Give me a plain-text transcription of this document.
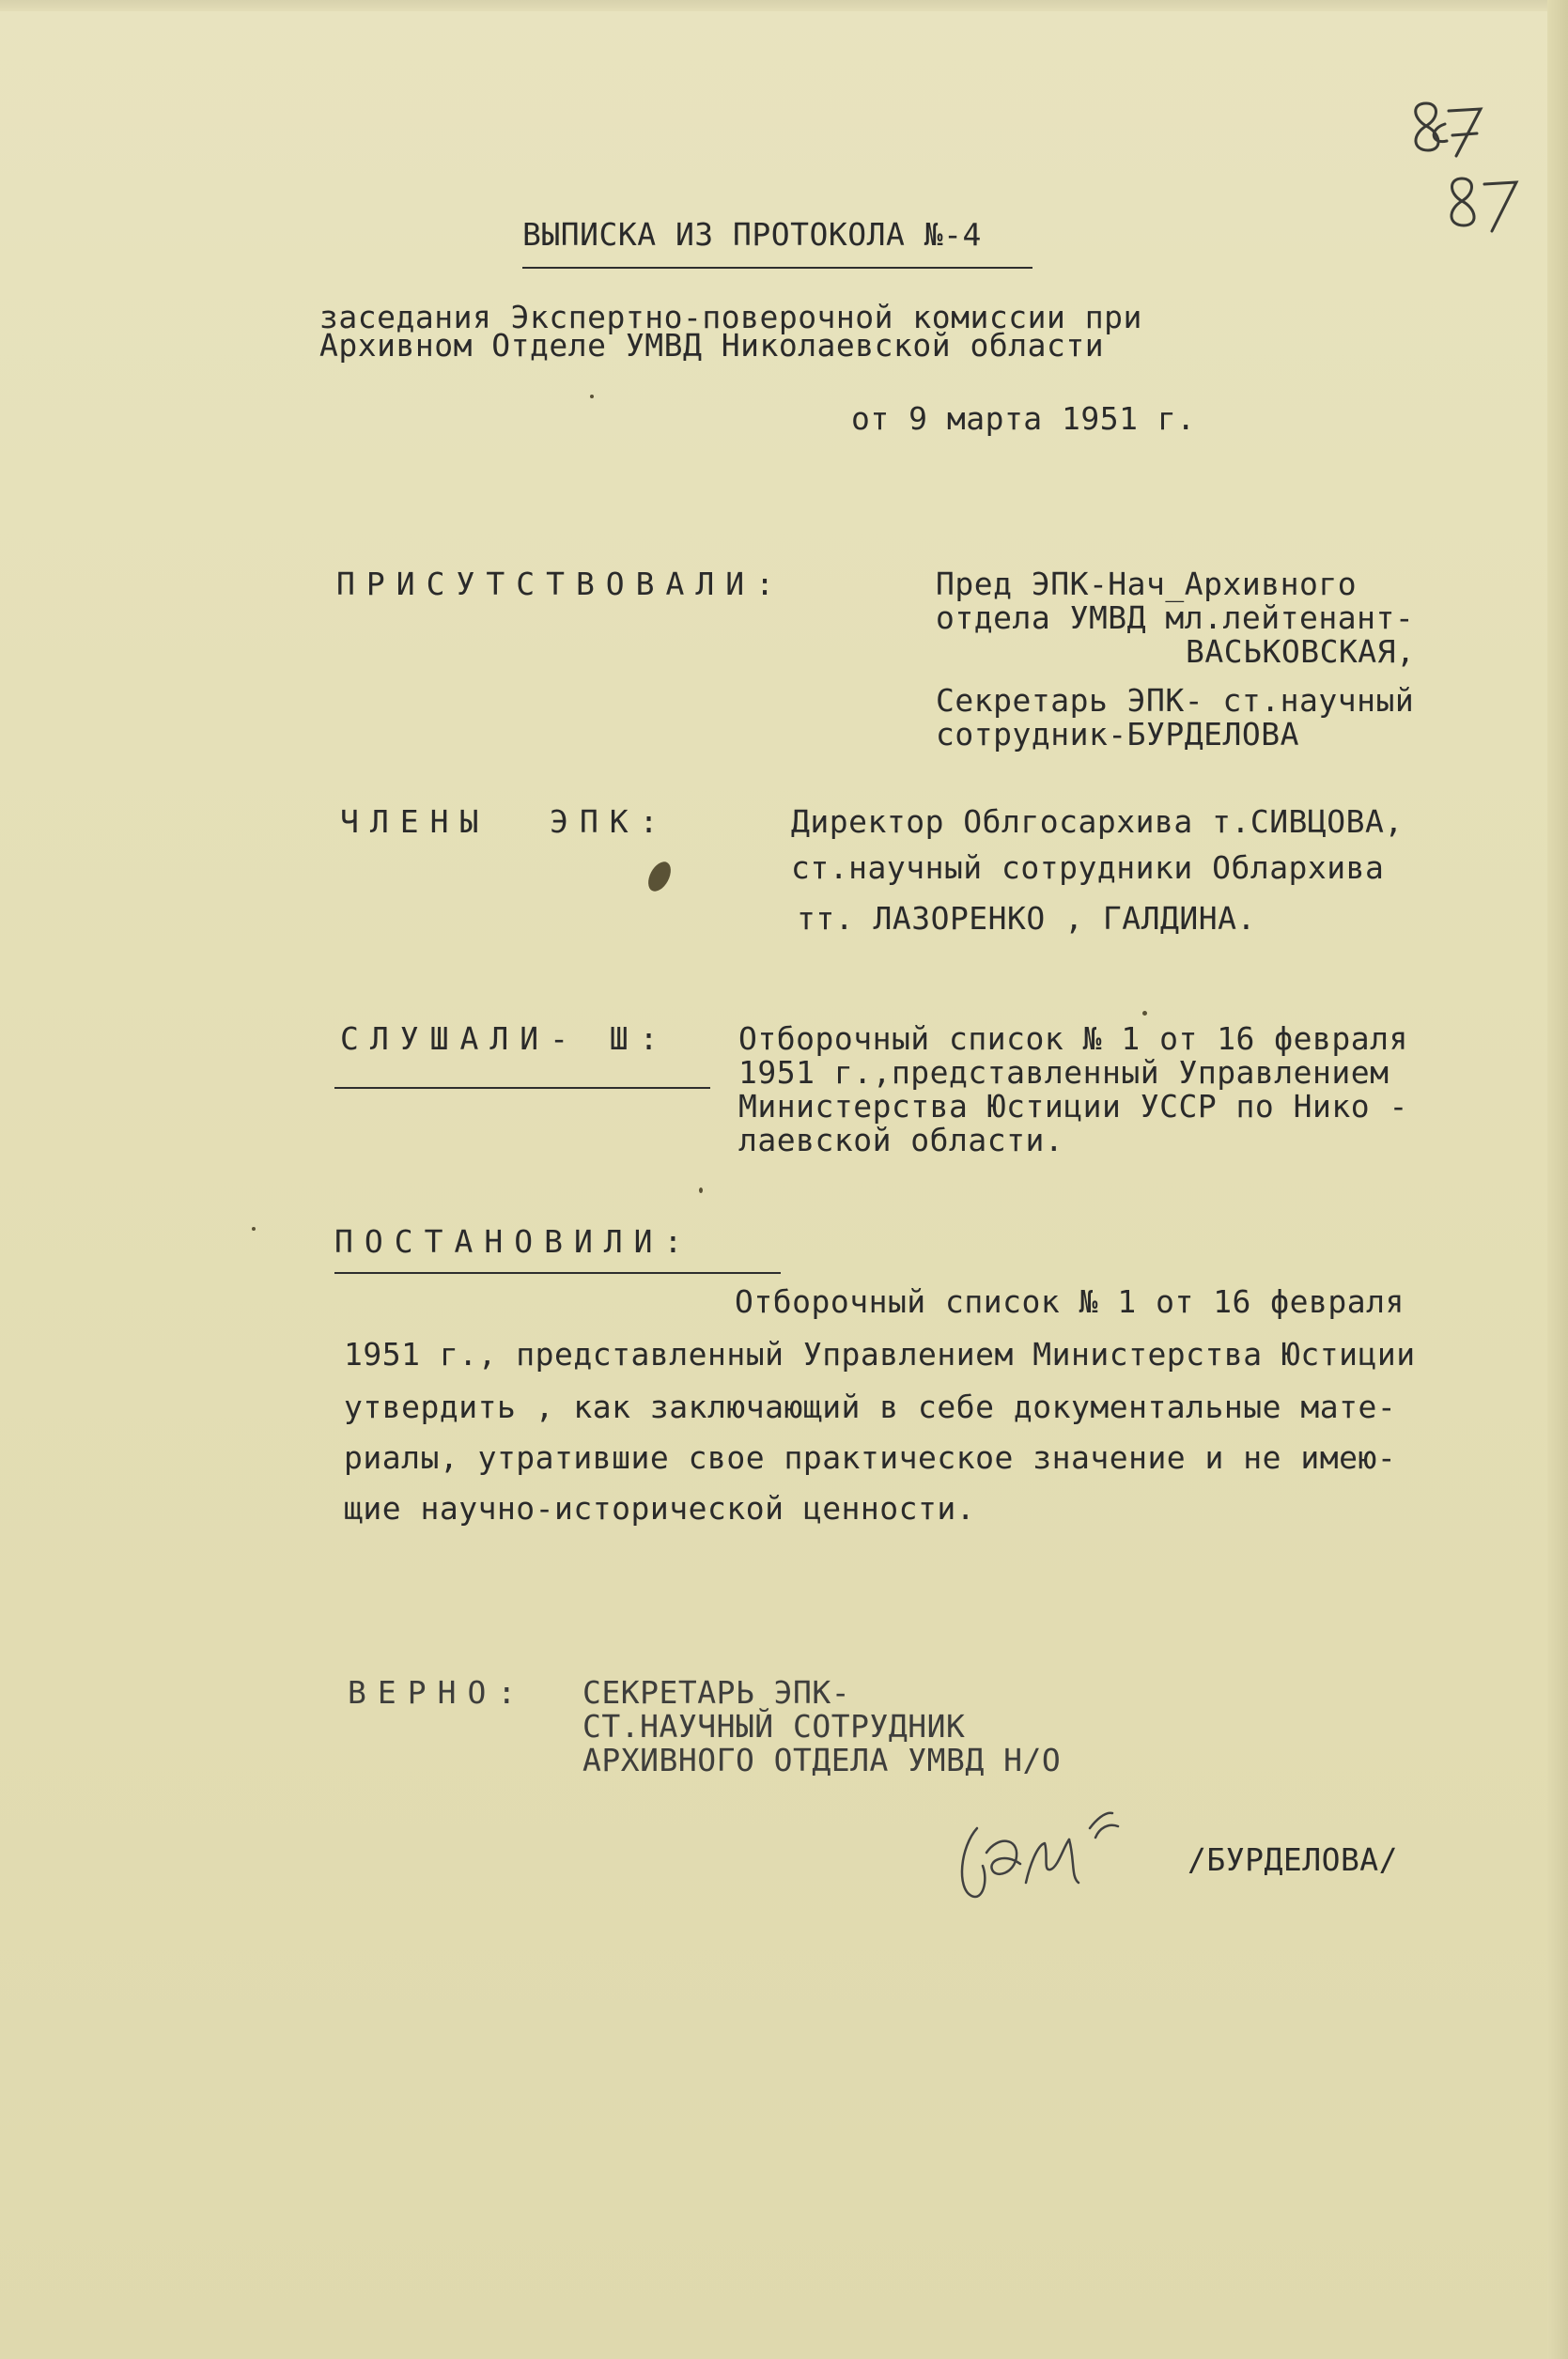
ВЫПИСКА ИЗ ПРОТОКОЛА №-4

заседания Экспертно-поверочной комиссии при

Архивном Отделе УМВД Николаевской области

от 9 марта 1951 г.

ПРИСУТСТВОВАЛИ:	Пред ЭПК-Нач_Архивного

отдела УМВД мл.лейтенант-

ВАСЬКОВСКАЯ,

Секретарь ЭПК- ст.научный

сотрудник-БУРДЕЛОВА

ЧЛЕНЫ  ЭПК:	Директор Облгосархива т.СИВЦОВА,

ст.научный сотрудники Облархива

тт. ЛАЗОРЕНКО , ГАЛДИНА.

СЛУШАЛИ- Ш: Отборочный список № 1 от 16 февраля

1951 г.,представленный Управлением

Министерства Юстиции УССР по Нико -

лаевской области.

ПОСТАНОВИЛИ:

Отборочный список № 1 от 16 февраля

1951 г., представленный Управлением Министерства Юстиции

утвердить , как заключающий в себе документальные мате-

риалы, утратившие свое практическое значение и не имею-

щие научно-исторической ценности.

ВЕРНО: СЕКРЕТАРЬ ЭПК-

СТ.НАУЧНЫЙ СОТРУДНИК

АРХИВНОГО ОТДЕЛА УМВД Н/О

/БУРДЕЛОВА/
